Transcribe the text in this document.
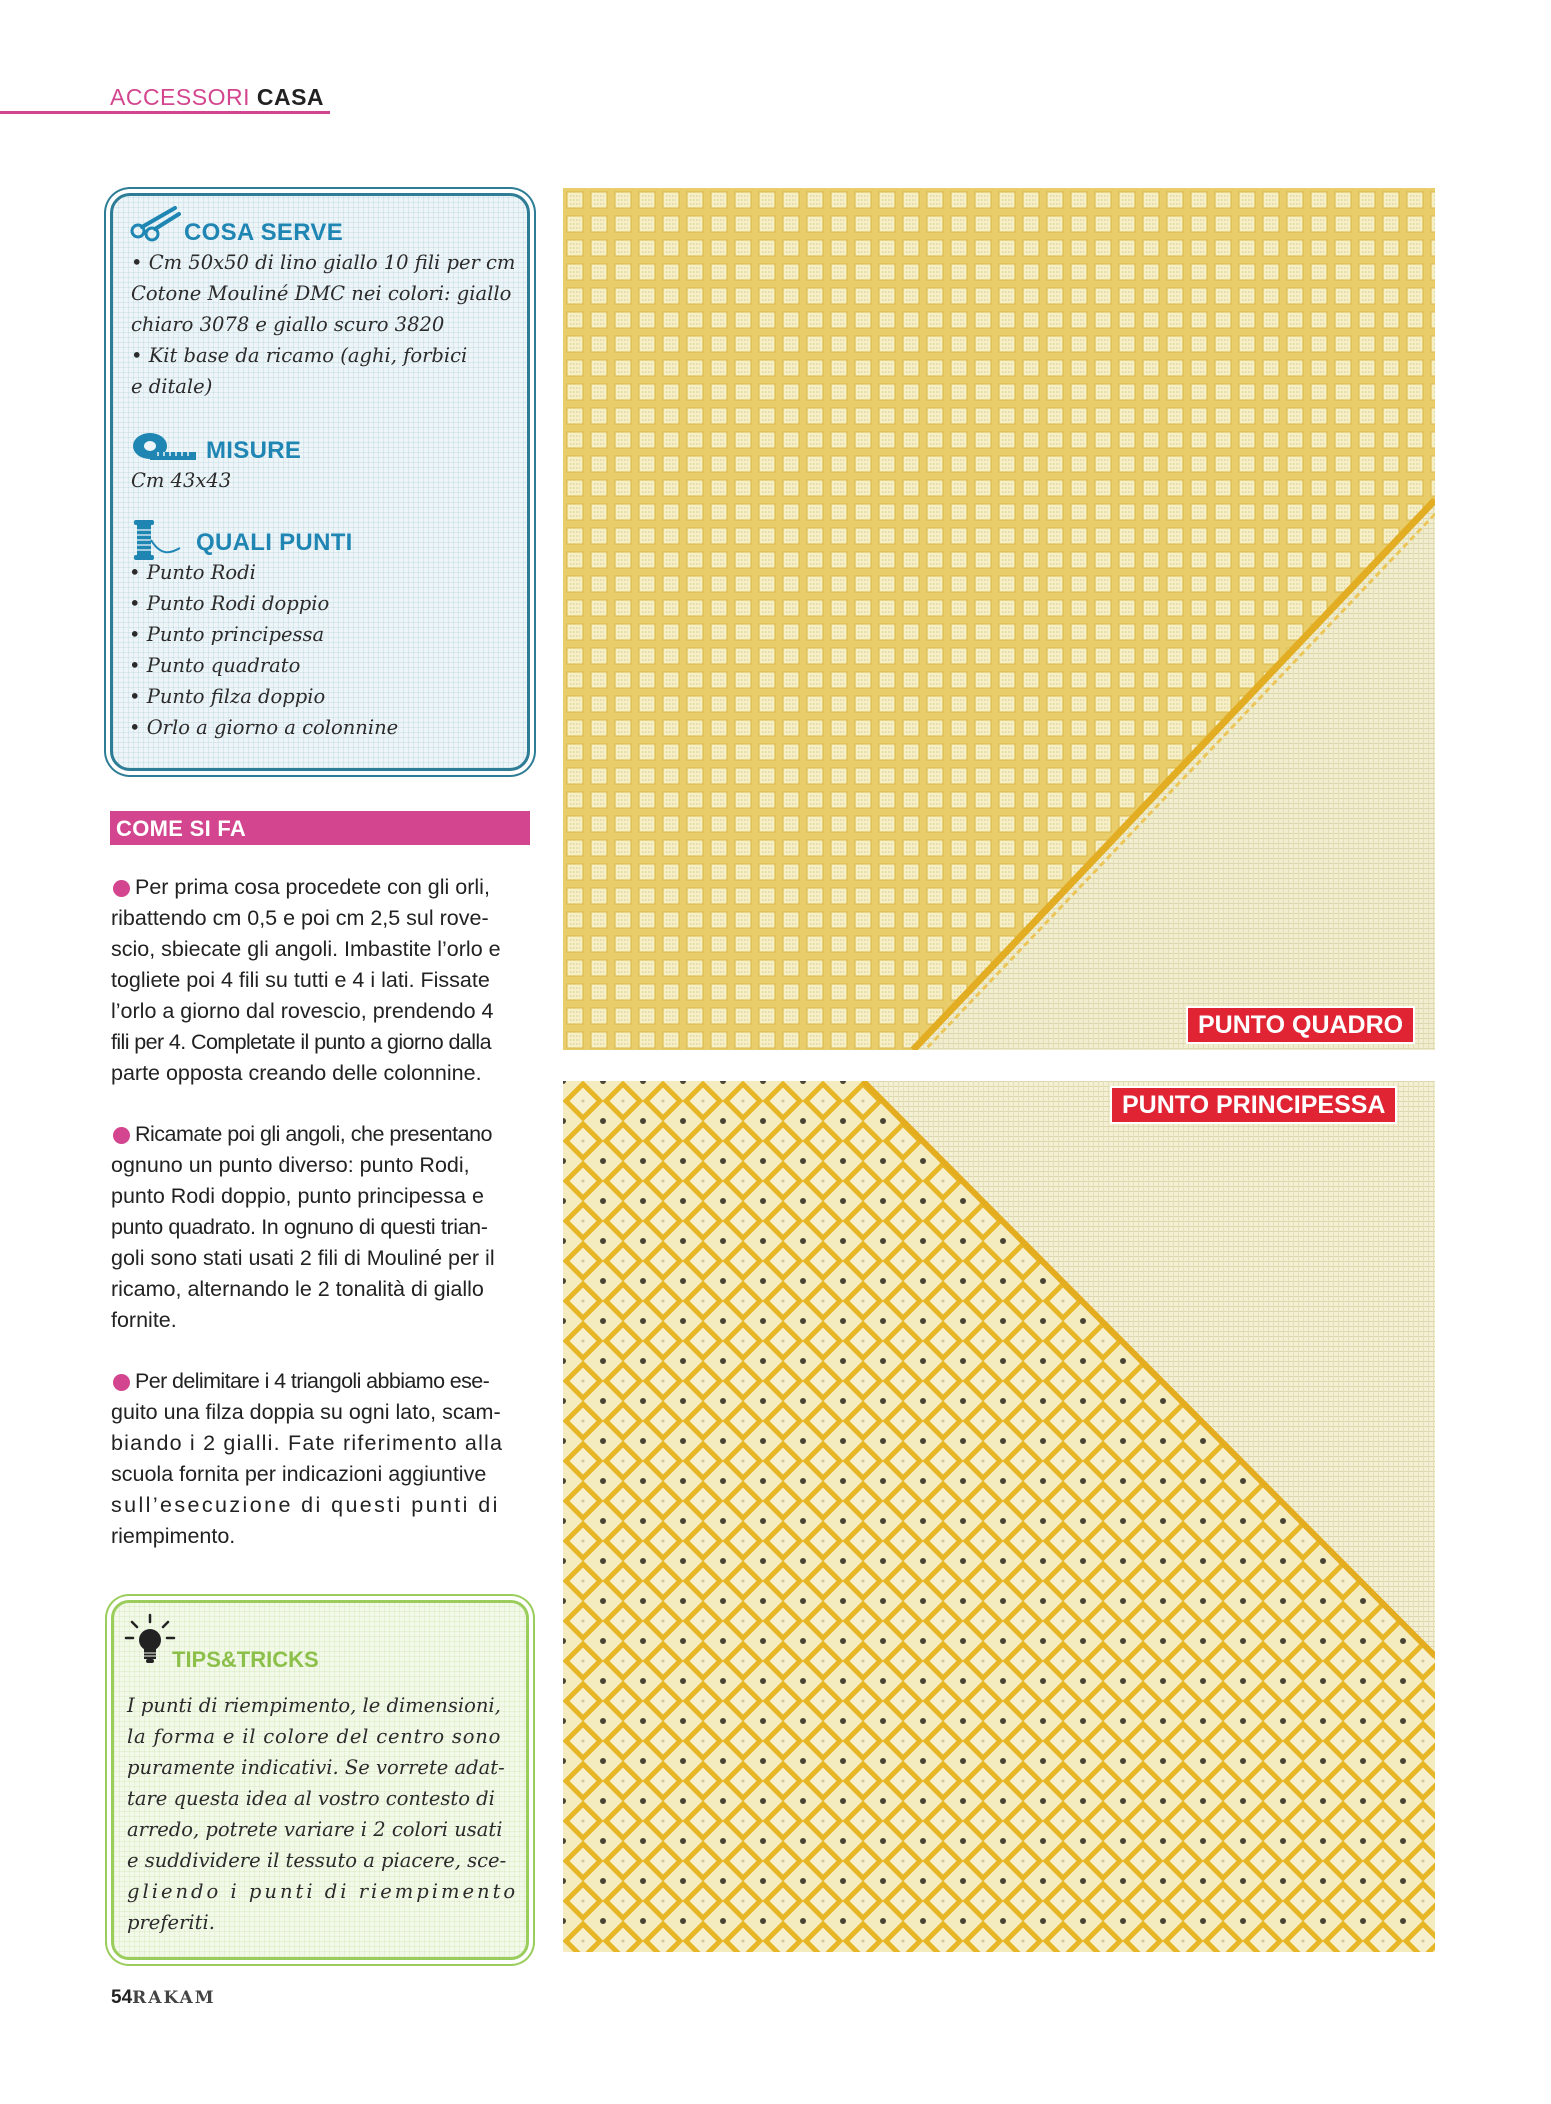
ACCESSORI CASA
COSA SERVE
• Cm 50x50 di lino giallo 10 fili per cm
Cotone Mouliné DMC nei colori: giallo
chiaro 3078 e giallo scuro 3820
• Kit base da ricamo (aghi, forbici
e ditale)
MISURE
Cm 43x43
QUALI PUNTI
• Punto Rodi
• Punto Rodi doppio
• Punto principessa
• Punto quadrato
• Punto filza doppio
• Orlo a giorno a colonnine
COME SI FA
Per prima cosa procedete con gli orli,
ribattendo cm 0,5 e poi cm 2,5 sul rove-
scio, sbiecate gli angoli. Imbastite l’orlo e
togliete poi 4 fili su tutti e 4 i lati. Fissate
l’orlo a giorno dal rovescio, prendendo 4
fili per 4. Completate il punto a giorno dalla
parte opposta creando delle colonnine.
Ricamate poi gli angoli, che presentano
ognuno un punto diverso: punto Rodi,
punto Rodi doppio, punto principessa e
punto quadrato. In ognuno di questi trian-
goli sono stati usati 2 fili di Mouliné per il
ricamo, alternando le 2 tonalità di giallo
fornite.
Per delimitare i 4 triangoli abbiamo ese-
guito una filza doppia su ogni lato, scam-
biando i 2 gialli. Fate riferimento alla
scuola fornita per indicazioni aggiuntive
sull’esecuzione di questi punti di
riempimento.
TIPS&TRICKS
I punti di riempimento, le dimensioni,
la forma e il colore del centro sono
puramente indicativi. Se vorrete adat-
tare questa idea al vostro contesto di
arredo, potrete variare i 2 colori usati
e suddividere il tessuto a piacere, sce-
gliendo i punti di riempimento
preferiti.
PUNTO QUADRO
PUNTO PRINCIPESSA
54RAKAM
